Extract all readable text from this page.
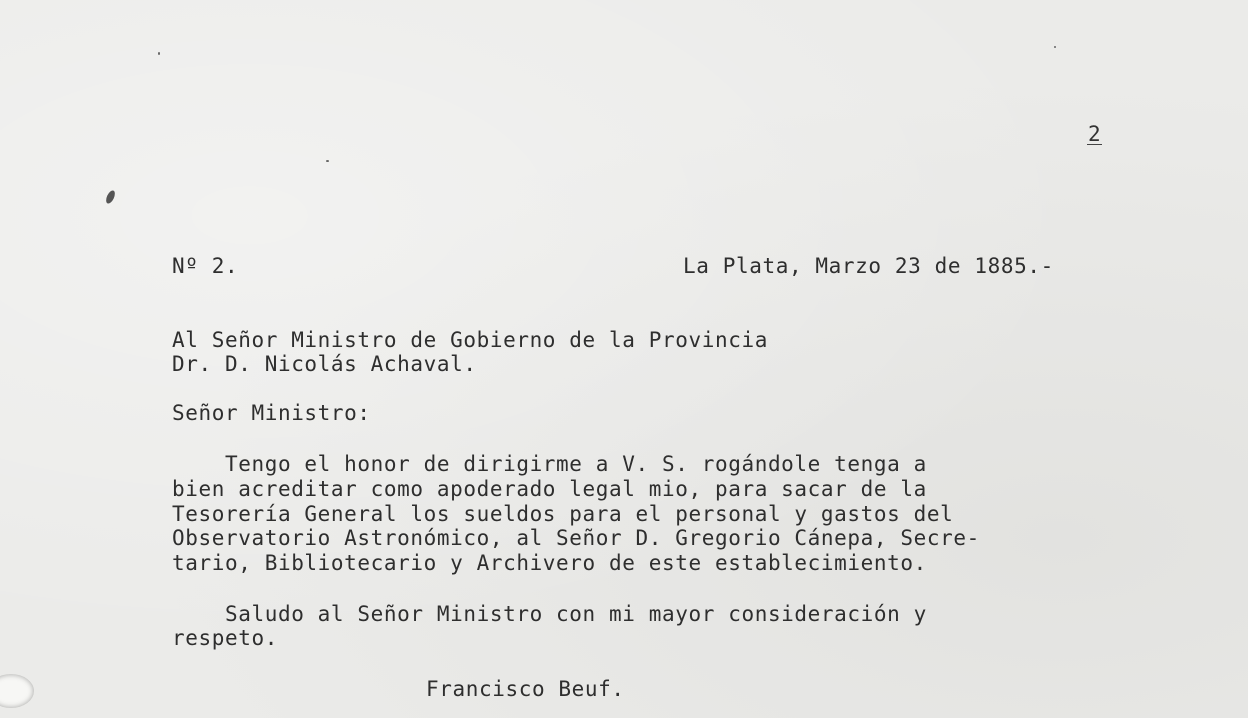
2
Nº 2.	La Plata, Marzo 23 de 1885.-
Al Señor Ministro de Gobierno de la Provincia
Dr. D. Nicolás Achaval.
Señor Ministro:
Tengo el honor de dirigirme a V. S. rogándole tenga a
bien acreditar como apoderado legal mio, para sacar de la
Tesorería General los sueldos para el personal y gastos del
Observatorio Astronómico, al Señor D. Gregorio Cánepa, Secre-
tario, Bibliotecario y Archivero de este establecimiento.
Saludo al Señor Ministro con mi mayor consideración y
respeto.
Francisco Beuf.
